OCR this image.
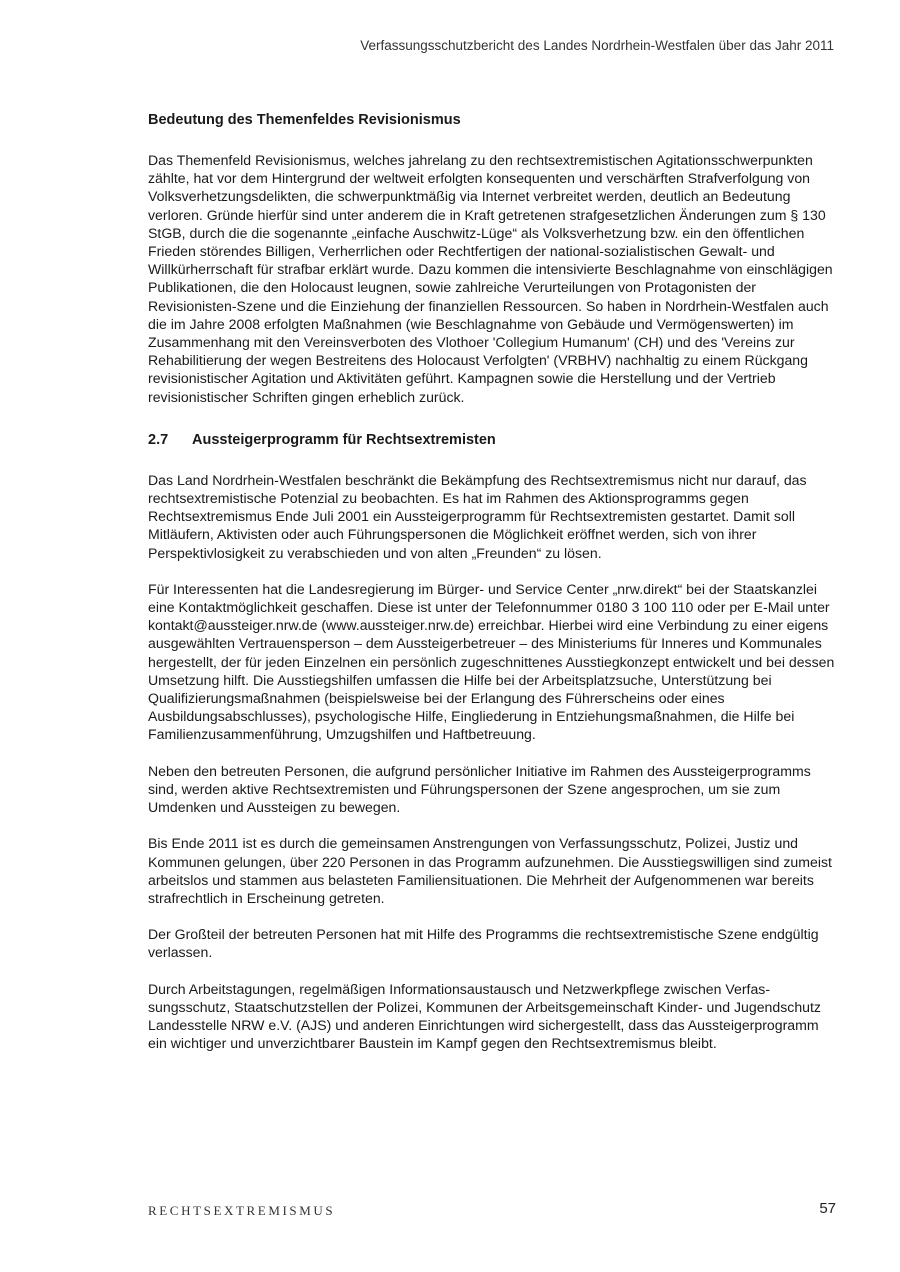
Verfassungsschutzbericht des Landes Nordrhein-Westfalen über das Jahr 2011
Bedeutung des Themenfeldes Revisionismus

Das Themenfeld Revisionismus, welches jahrelang zu den rechtsextremistischen Agitationsschwerpunkten zählte, hat vor dem Hintergrund der weltweit erfolgten konsequenten und verschärften Strafverfolgung von Volksverhetzungsdelikten, die schwerpunktmäßig via Internet verbreitet werden, deutlich an Bedeutung verloren. Gründe hierfür sind unter anderem die in Kraft getretenen strafgesetzlichen Änderungen zum § 130 StGB, durch die die sogenannte „einfache Auschwitz-Lüge“ als Volksverhetzung bzw. ein den öffentlichen Frieden störendes Billigen, Verherrlichen oder Rechtfertigen der national-sozialistischen Gewalt- und Willkürherrschaft für strafbar erklärt wurde. Dazu kommen die intensivierte Beschlagnahme von einschlägigen Publikationen, die den Holocaust leugnen, sowie zahlreiche Verurteilungen von Protagonisten der Revisionisten-Szene und die Einziehung der finanziellen Ressourcen. So haben in Nordrhein-Westfalen auch die im Jahre 2008 erfolgten Maßnahmen (wie Beschlagnahme von Gebäude und Vermögenswerten) im Zusammenhang mit den Vereinsverboten des Vlothoer 'Collegium Humanum' (CH) und des 'Vereins zur Rehabilitierung der wegen Bestreitens des Holocaust Verfolgten' (VRBHV) nachhaltig zu einem Rückgang revisionistischer Agitation und Aktivitäten geführt. Kampagnen sowie die Herstellung und der Vertrieb revisionistischer Schriften gingen erheblich zurück.

2.7 Aussteigerprogramm für Rechtsextremisten

Das Land Nordrhein-Westfalen beschränkt die Bekämpfung des Rechtsextremismus nicht nur darauf, das rechtsextremistische Potenzial zu beobachten. Es hat im Rahmen des Aktionsprogramms gegen Rechtsextremismus Ende Juli 2001 ein Aussteigerprogramm für Rechtsextremisten gestartet. Damit soll Mitläufern, Aktivisten oder auch Führungspersonen die Möglichkeit eröffnet werden, sich von ihrer Perspektivlosigkeit zu verabschieden und von alten „Freunden“ zu lösen.

Für Interessenten hat die Landesregierung im Bürger- und Service Center „nrw.direkt“ bei der Staatskanzlei eine Kontaktmöglichkeit geschaffen. Diese ist unter der Telefonnummer 0180 3 100 110 oder per E-Mail unter kontakt@aussteiger.nrw.de (www.aussteiger.nrw.de) erreichbar. Hierbei wird eine Verbindung zu einer eigens ausgewählten Vertrauensperson – dem Aussteigerbetreuer – des Ministeriums für Inneres und Kommunales hergestellt, der für jeden Einzelnen ein persönlich zugeschnittenes Ausstiegkonzept entwickelt und bei dessen Umsetzung hilft. Die Ausstiegshilfen umfassen die Hilfe bei der Arbeitsplatzsuche, Unterstützung bei Qualifizierungsmaßnahmen (beispielsweise bei der Erlangung des Führerscheins oder eines Ausbildungsabschlusses), psychologische Hilfe, Eingliederung in Entziehungsmaßnahmen, die Hilfe bei Familienzusammenführung, Umzugshilfen und Haftbetreuung.

Neben den betreuten Personen, die aufgrund persönlicher Initiative im Rahmen des Aussteigerprogramms sind, werden aktive Rechtsextremisten und Führungspersonen der Szene angesprochen, um sie zum Umdenken und Aussteigen zu bewegen.

Bis Ende 2011 ist es durch die gemeinsamen Anstrengungen von Verfassungsschutz, Polizei, Justiz und Kommunen gelungen, über 220 Personen in das Programm aufzunehmen. Die Ausstiegswilligen sind zumeist arbeitslos und stammen aus belasteten Familiensituationen. Die Mehrheit der Aufgenommenen war bereits strafrechtlich in Erscheinung getreten.

Der Großteil der betreuten Personen hat mit Hilfe des Programms die rechtsextremistische Szene endgültig verlassen.

Durch Arbeitstagungen, regelmäßigen Informationsaustausch und Netzwerkpflege zwischen Verfassungsschutz, Staatschutzstellen der Polizei, Kommunen der Arbeitsgemeinschaft Kinder- und Jugendschutz Landesstelle NRW e.V. (AJS) und anderen Einrichtungen wird sichergestellt, dass das Aussteigerprogramm ein wichtiger und unverzichtbarer Baustein im Kampf gegen den Rechtsextremismus bleibt.

RECHTSEXTREMISMUS	57
